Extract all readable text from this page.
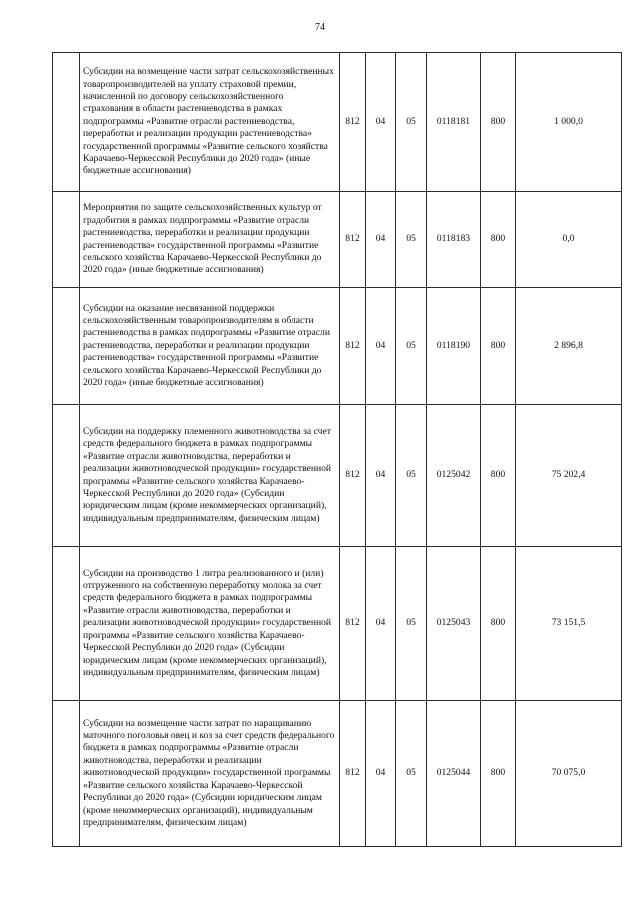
74
	Субсидии на возмещение части затрат сельскохозяйственных товаропроизводителей на уплату страховой премии, начисленной по договору сельскохозяйственного страхования в области растениеводства в рамках подпрограммы «Развитие отрасли растениеводства, переработки и реализации продукции растениеводства» государственной программы «Развитие сельского хозяйства Карачаево-Черкесской Республики до 2020 года» (иные бюджетные ассигнования)	812	04	05	0118181	800	1 000,0
	Мероприятия по защите сельскохозяйственных культур от градобития в рамках подпрограммы «Развитие отрасли растениеводства, переработки и реализации продукции растениеводства» государственной программы «Развитие сельского хозяйства Карачаево-Черкесской Республики до 2020 года» (иные бюджетные ассигнования)	812	04	05	0118183	800	0,0
	Субсидии на оказание несвязанной поддержки сельскохозяйственным товаропроизводителям в области растениеводства в рамках подпрограммы «Развитие отрасли растениеводства, переработки и реализации продукции растениеводства» государственной программы «Развитие сельского хозяйства Карачаево-Черкесской Республики до 2020 года» (иные бюджетные ассигнования)	812	04	05	0118190	800	2 896,8
	Субсидии на поддержку племенного животноводства за счет средств федерального бюджета в рамках подпрограммы «Развитие отрасли животноводства, переработки и реализации животноводческой продукции» государственной программы «Развитие сельского хозяйства Карачаево-Черкесской Республики до 2020 года» (Субсидии юридическим лицам (кроме некоммерческих организаций), индивидуальным предпринимателям, физическим лицам)	812	04	05	0125042	800	75 202,4
	Субсидии на производство 1 литра реализованного и (или) отгруженного на собственную переработку молока за счет средств федерального бюджета в рамках подпрограммы «Развитие отрасли животноводства, переработки и реализации животноводческой продукции» государственной программы «Развитие сельского хозяйства Карачаево-Черкесской Республики до 2020 года» (Субсидии юридическим лицам (кроме некоммерческих организаций), индивидуальным предпринимателям, физическим лицам)	812	04	05	0125043	800	73 151,5
	Субсидии на возмещение части затрат по наращиванию маточного поголовья овец и коз за счет средств федерального бюджета в рамках подпрограммы «Развитие отрасли животноводства, переработки и реализации животноводческой продукции» государственной программы «Развитие сельского хозяйства Карачаево-Черкесской Республики до 2020 года» (Субсидии юридическим лицам (кроме некоммерческих организаций), индивидуальным предпринимателям, физическим лицам)	812	04	05	0125044	800	70 075,0
